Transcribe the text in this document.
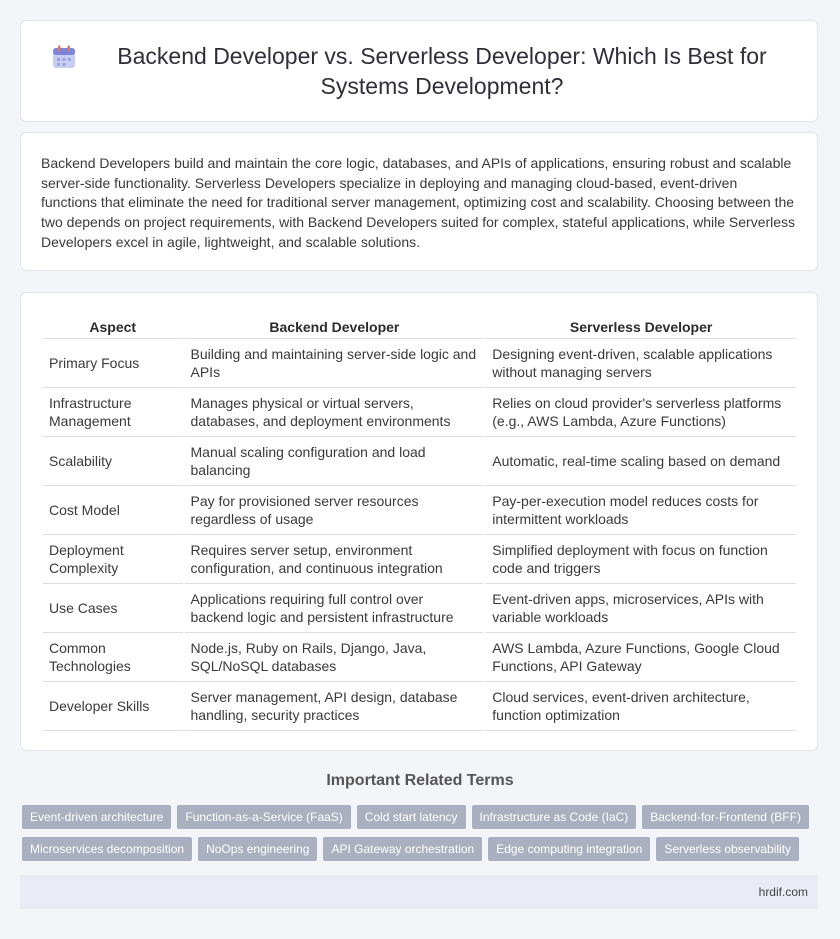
Backend Developer vs. Serverless Developer: Which Is Best for Systems Development?

Backend Developers build and maintain the core logic, databases, and APIs of applications, ensuring robust and scalable server-side functionality. Serverless Developers specialize in deploying and managing cloud-based, event-driven functions that eliminate the need for traditional server management, optimizing cost and scalability. Choosing between the two depends on project requirements, with Backend Developers suited for complex, stateful applications, while Serverless Developers excel in agile, lightweight, and scalable solutions.

Aspect	Backend Developer	Serverless Developer
Primary Focus	Building and maintaining server-side logic and APIs	Designing event-driven, scalable applications without managing servers
Infrastructure Management	Manages physical or virtual servers, databases, and deployment environments	Relies on cloud provider's serverless platforms (e.g., AWS Lambda, Azure Functions)
Scalability	Manual scaling configuration and load balancing	Automatic, real-time scaling based on demand
Cost Model	Pay for provisioned server resources regardless of usage	Pay-per-execution model reduces costs for intermittent workloads
Deployment Complexity	Requires server setup, environment configuration, and continuous integration	Simplified deployment with focus on function code and triggers
Use Cases	Applications requiring full control over backend logic and persistent infrastructure	Event-driven apps, microservices, APIs with variable workloads
Common Technologies	Node.js, Ruby on Rails, Django, Java, SQL/NoSQL databases	AWS Lambda, Azure Functions, Google Cloud Functions, API Gateway
Developer Skills	Server management, API design, database handling, security practices	Cloud services, event-driven architecture, function optimization
Important Related Terms
Event-driven architecture	Function-as-a-Service (FaaS)	Cold start latency	Infrastructure as Code (IaC)	Backend-for-Frontend (BFF)
Microservices decomposition	NoOps engineering	API Gateway orchestration	Edge computing integration	Serverless observability
hrdif.com
